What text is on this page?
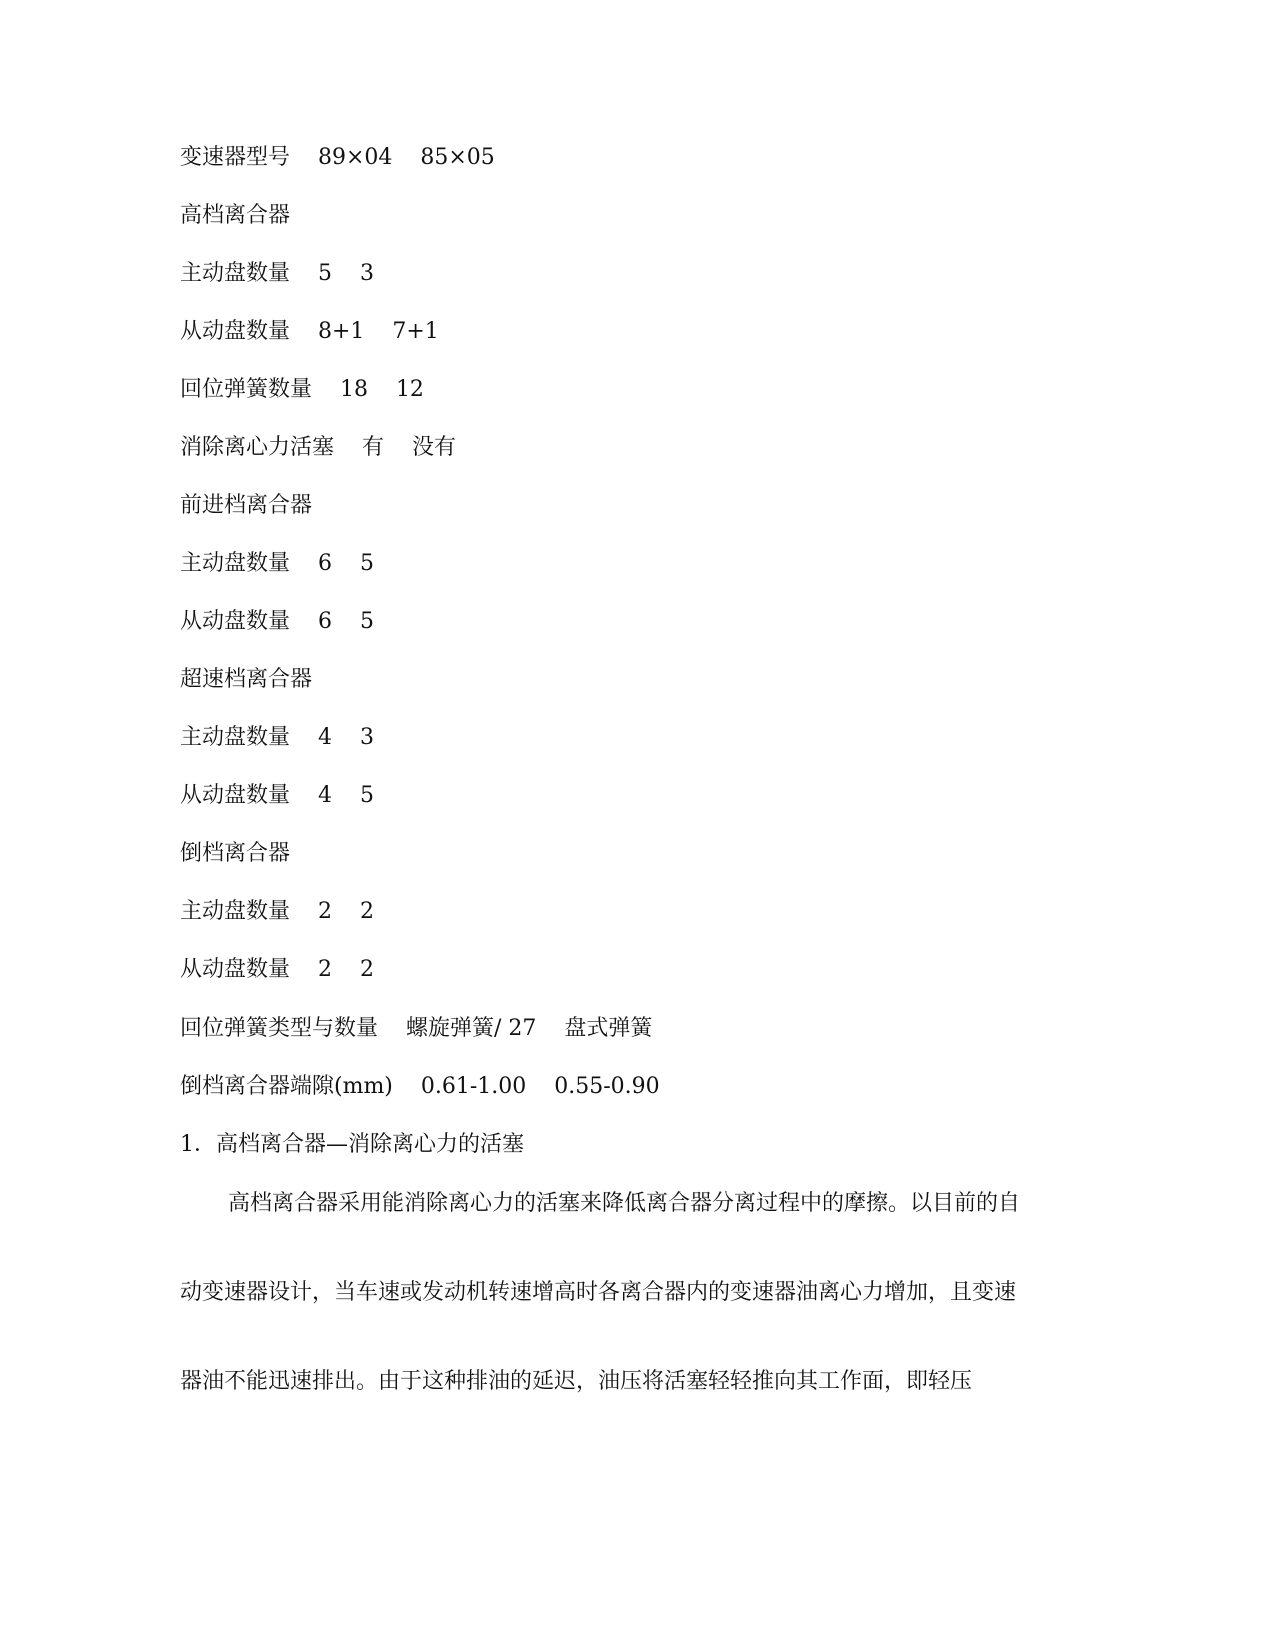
变速器型号    89×04    85×05
高档离合器
主动盘数量    5    3
从动盘数量    8+1    7+1
回位弹簧数量    18    12
消除离心力活塞    有    没有
前进档离合器
主动盘数量    6    5
从动盘数量    6    5
超速档离合器
主动盘数量    4    3
从动盘数量    4    5
倒档离合器
主动盘数量    2    2
从动盘数量    2    2
回位弹簧类型与数量    螺旋弹簧/ 27    盘式弹簧
倒档离合器端隙(mm)    0.61-1.00    0.55-0.90
1．高档离合器—消除离心力的活塞
高档离合器采用能消除离心力的活塞来降低离合器分离过程中的摩擦。以目前的自
动变速器设计，当车速或发动机转速增高时各离合器内的变速器油离心力增加，且变速
器油不能迅速排出。由于这种排油的延迟，油压将活塞轻轻推向其工作面，即轻压
